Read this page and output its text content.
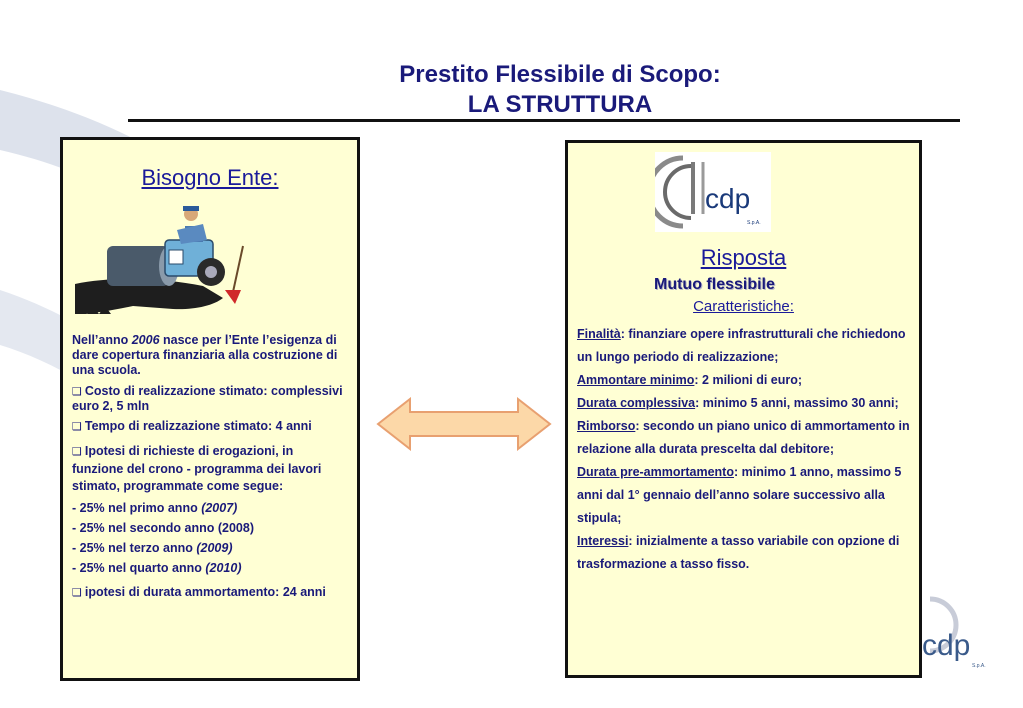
Prestito Flessibile di Scopo:
LA STRUTTURA
Bisogno Ente:

Nell’anno 2006 nasce per l’Ente l’esigenza di dare copertura finanziaria alla costruzione di una scuola.

❑ Costo di realizzazione stimato: complessivi euro 2, 5 mln

❑ Tempo di realizzazione stimato: 4 anni

❑ Ipotesi di richieste di erogazioni, in funzione del crono - programma dei lavori stimato, programmate come segue:

- 25% nel primo anno (2007)

- 25% nel secondo anno (2008)

- 25% nel terzo anno (2009)

- 25% nel quarto anno (2010)

❑ ipotesi di durata ammortamento: 24 anni

cdp
S.p.A.
Risposta
Mutuo flessibile
Caratteristiche:

Finalità: finanziare opere infrastrutturali che richiedono un lungo periodo di realizzazione;

Ammontare minimo: 2 milioni di euro;

Durata complessiva: minimo 5 anni, massimo 30 anni;

Rimborso: secondo un piano unico di ammortamento in relazione alla durata prescelta dal debitore;

Durata pre-ammortamento: minimo 1 anno, massimo 5 anni dal 1° gennaio dell’anno solare successivo alla stipula;

Interessi: inizialmente a tasso variabile con opzione di trasformazione a tasso fisso.

cdp
S.p.A.
